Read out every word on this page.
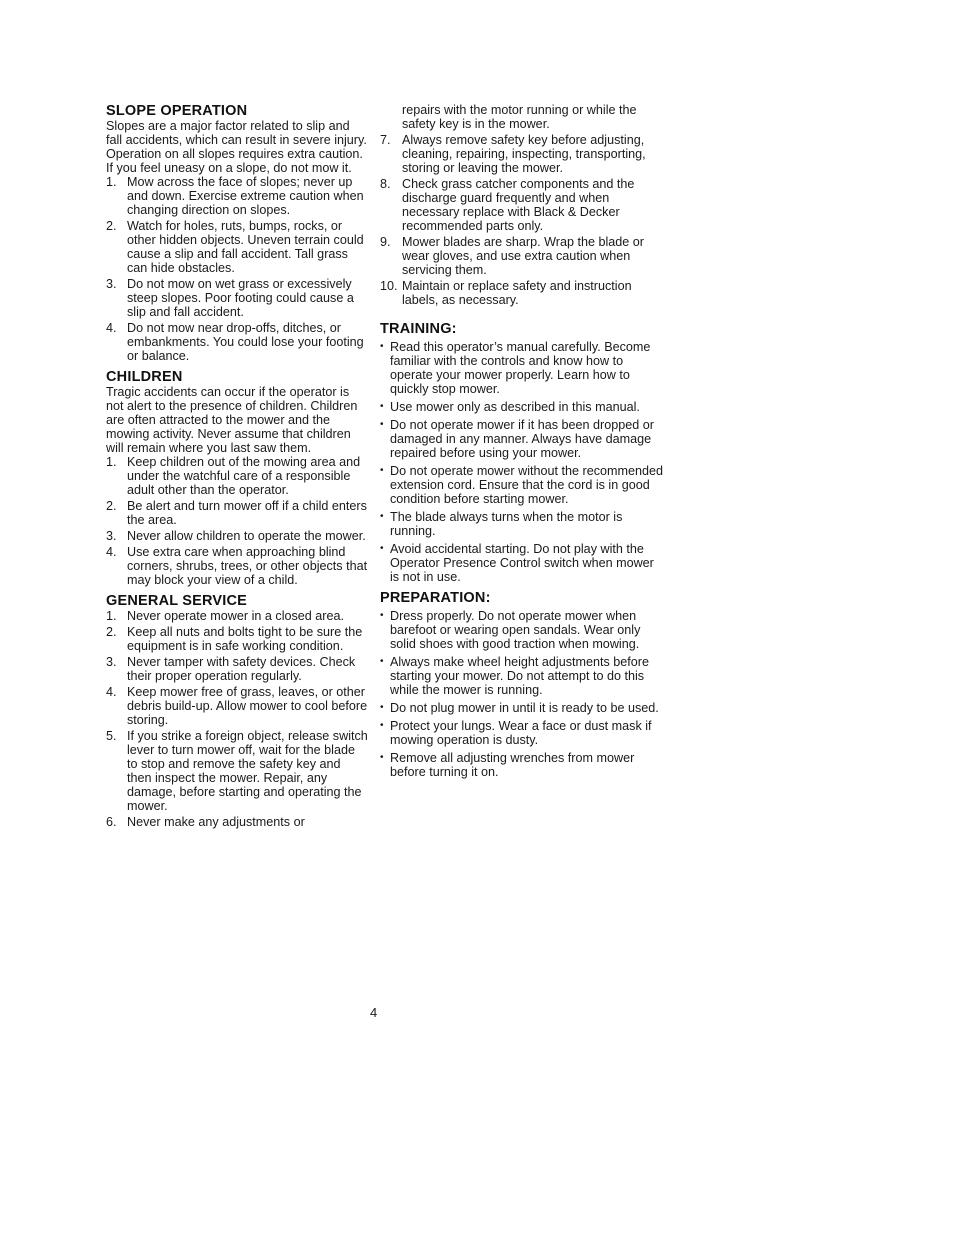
SLOPE OPERATION

Slopes are a major factor related to slip and fall accidents, which can result in severe injury. Operation on all slopes requires extra caution. If you feel uneasy on a slope, do not mow it.

1. Mow across the face of slopes; never up and down. Exercise extreme caution when changing direction on slopes.
2. Watch for holes, ruts, bumps, rocks, or other hidden objects. Uneven terrain could cause a slip and fall accident. Tall grass can hide obstacles.
3. Do not mow on wet grass or excessively steep slopes. Poor footing could cause a slip and fall accident.
4. Do not mow near drop-offs, ditches, or embankments. You could lose your footing or balance.
CHILDREN

Tragic accidents can occur if the operator is not alert to the presence of children. Children are often attracted to the mower and the mowing activity. Never assume that children will remain where you last saw them.

1. Keep children out of the mowing area and under the watchful care of a responsible adult other than the operator.
2. Be alert and turn mower off if a child enters the area.
3. Never allow children to operate the mower.
4. Use extra care when approaching blind corners, shrubs, trees, or other objects that may block your view of a child.
GENERAL SERVICE
1. Never operate mower in a closed area.
2. Keep all nuts and bolts tight to be sure the equipment is in safe working condition.
3. Never tamper with safety devices. Check their proper operation regularly.
4. Keep mower free of grass, leaves, or other debris build-up. Allow mower to cool before storing.
5. If you strike a foreign object, release switch lever to turn mower off, wait for the blade to stop and remove the safety key and then inspect the mower. Repair, any damage, before starting and operating the mower.
6. Never make any adjustments or

repairs with the motor running or while the safety key is in the mower.

7. Always remove safety key before adjusting, cleaning, repairing, inspecting, transporting, storing or leaving the mower.
8. Check grass catcher components and the discharge guard frequently and when necessary replace with Black & Decker recommended parts only.
9. Mower blades are sharp. Wrap the blade or wear gloves, and use extra caution when servicing them.
10. Maintain or replace safety and instruction labels, as necessary.
TRAINING:
• Read this operator’s manual carefully. Become familiar with the controls and know how to operate your mower properly. Learn how to quickly stop mower.
• Use mower only as described in this manual.
• Do not operate mower if it has been dropped or damaged in any manner. Always have damage repaired before using your mower.
• Do not operate mower without the recommended extension cord. Ensure that the cord is in good condition before starting mower.
• The blade always turns when the motor is running.
• Avoid accidental starting. Do not play with the Operator Presence Control switch when mower is not in use.
PREPARATION:
• Dress properly. Do not operate mower when barefoot or wearing open sandals. Wear only solid shoes with good traction when mowing.
• Always make wheel height adjustments before starting your mower. Do not attempt to do this while the mower is running.
• Do not plug mower in until it is ready to be used.
• Protect your lungs. Wear a face or dust mask if mowing operation is dusty.
• Remove all adjusting wrenches from mower before turning it on.
4
